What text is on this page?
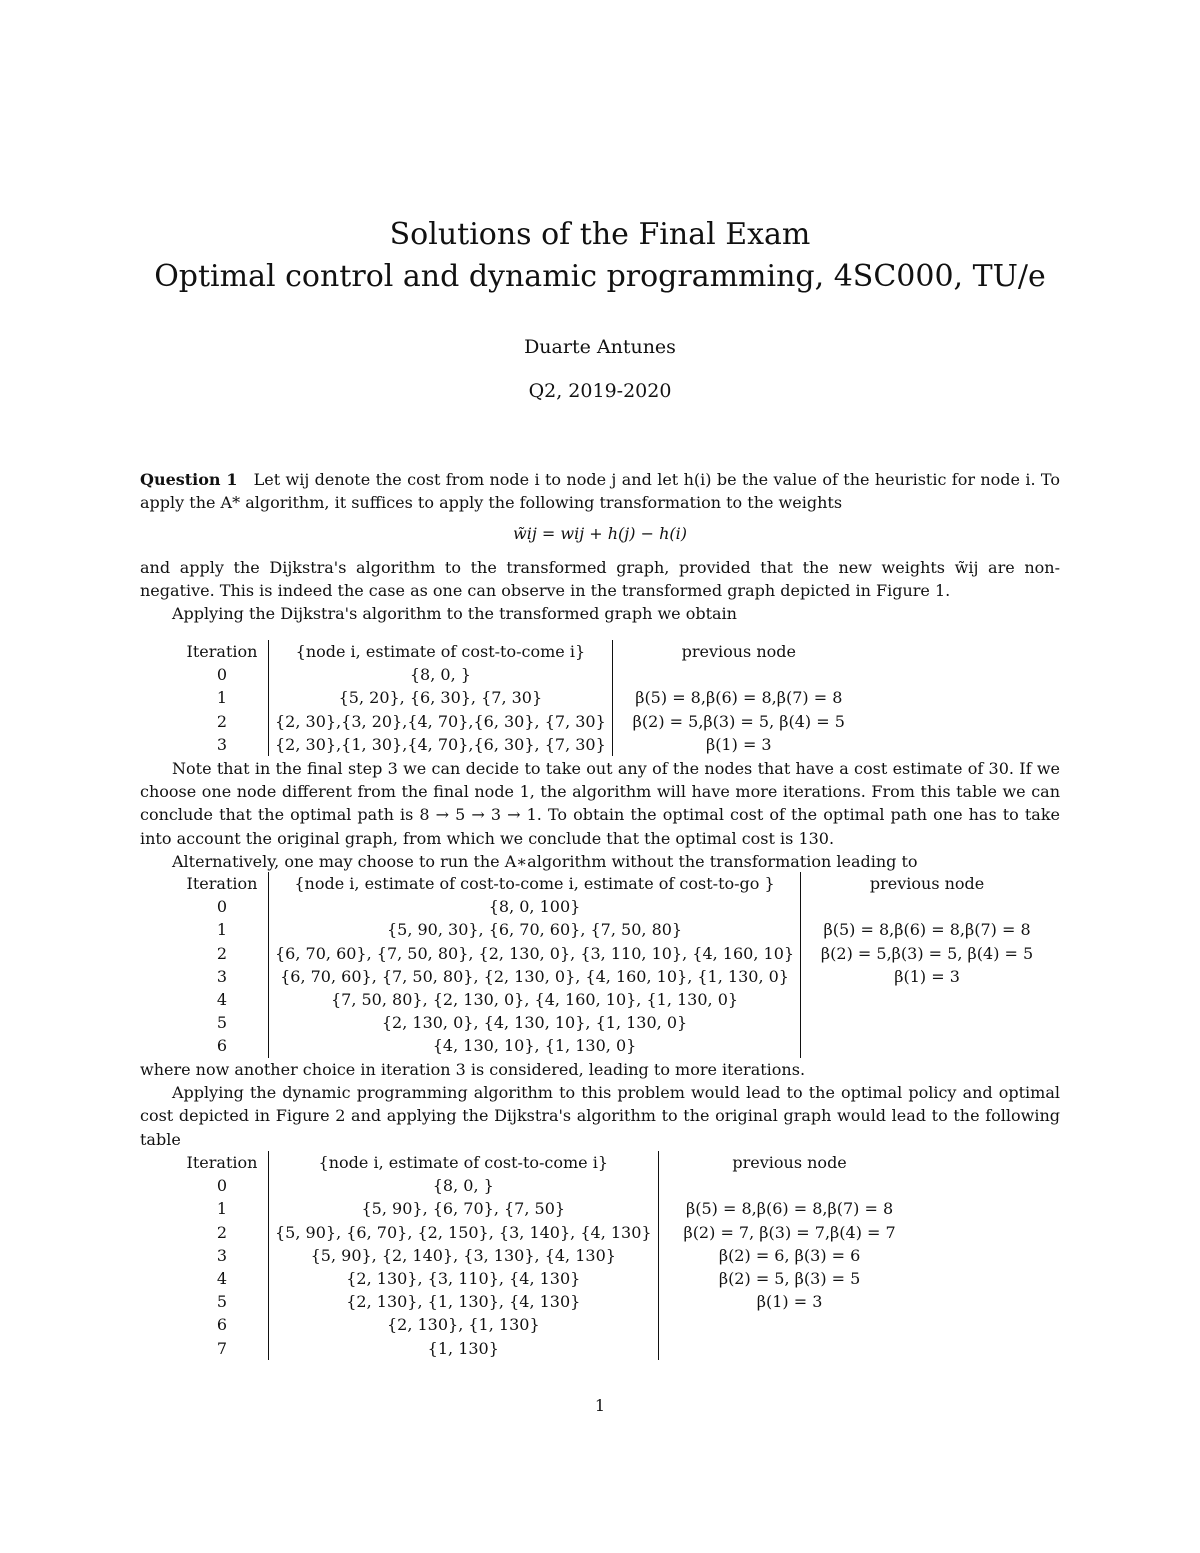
Solutions of the Final Exam
Optimal control and dynamic programming, 4SC000, TU/e
Duarte Antunes
Q2, 2019-2020

Question 1 Let wij denote the cost from node i to node j and let h(i) be the value of the heuristic for node i. To apply the A* algorithm, it suffices to apply the following transformation to the weights

w̃ij = wij + h(j) − h(i)

and apply the Dijkstra's algorithm to the transformed graph, provided that the new weights w̃ij are non-negative. This is indeed the case as one can observe in the transformed graph depicted in Figure 1.

Applying the Dijkstra's algorithm to the transformed graph we obtain

Iteration	{node i, estimate of cost-to-come i}	previous node
0	{8, 0, }	
1	{5, 20}, {6, 30}, {7, 30}	β(5) = 8,β(6) = 8,β(7) = 8
2	{2, 30},{3, 20},{4, 70},{6, 30}, {7, 30}	β(2) = 5,β(3) = 5, β(4) = 5
3	{2, 30},{1, 30},{4, 70},{6, 30}, {7, 30}	β(1) = 3

Note that in the final step 3 we can decide to take out any of the nodes that have a cost estimate of 30. If we choose one node different from the final node 1, the algorithm will have more iterations. From this table we can conclude that the optimal path is 8 → 5 → 3 → 1. To obtain the optimal cost of the optimal path one has to take into account the original graph, from which we conclude that the optimal cost is 130.

Alternatively, one may choose to run the A∗algorithm without the transformation leading to

Iteration	{node i, estimate of cost-to-come i, estimate of cost-to-go }	previous node
0	{8, 0, 100}	
1	{5, 90, 30}, {6, 70, 60}, {7, 50, 80}	β(5) = 8,β(6) = 8,β(7) = 8
2	{6, 70, 60}, {7, 50, 80}, {2, 130, 0}, {3, 110, 10}, {4, 160, 10}	β(2) = 5,β(3) = 5, β(4) = 5
3	{6, 70, 60}, {7, 50, 80}, {2, 130, 0}, {4, 160, 10}, {1, 130, 0}	β(1) = 3
4	{7, 50, 80}, {2, 130, 0}, {4, 160, 10}, {1, 130, 0}	
5	{2, 130, 0}, {4, 130, 10}, {1, 130, 0}	
6	{4, 130, 10}, {1, 130, 0}	

where now another choice in iteration 3 is considered, leading to more iterations.

Applying the dynamic programming algorithm to this problem would lead to the optimal policy and optimal cost depicted in Figure 2 and applying the Dijkstra's algorithm to the original graph would lead to the following table

Iteration	{node i, estimate of cost-to-come i}	previous node
0	{8, 0, }	
1	{5, 90}, {6, 70}, {7, 50}	β(5) = 8,β(6) = 8,β(7) = 8
2	{5, 90}, {6, 70}, {2, 150}, {3, 140}, {4, 130}	β(2) = 7, β(3) = 7,β(4) = 7
3	{5, 90}, {2, 140}, {3, 130}, {4, 130}	β(2) = 6, β(3) = 6
4	{2, 130}, {3, 110}, {4, 130}	β(2) = 5, β(3) = 5
5	{2, 130}, {1, 130}, {4, 130}	β(1) = 3
6	{2, 130}, {1, 130}	
7	{1, 130}	
1
